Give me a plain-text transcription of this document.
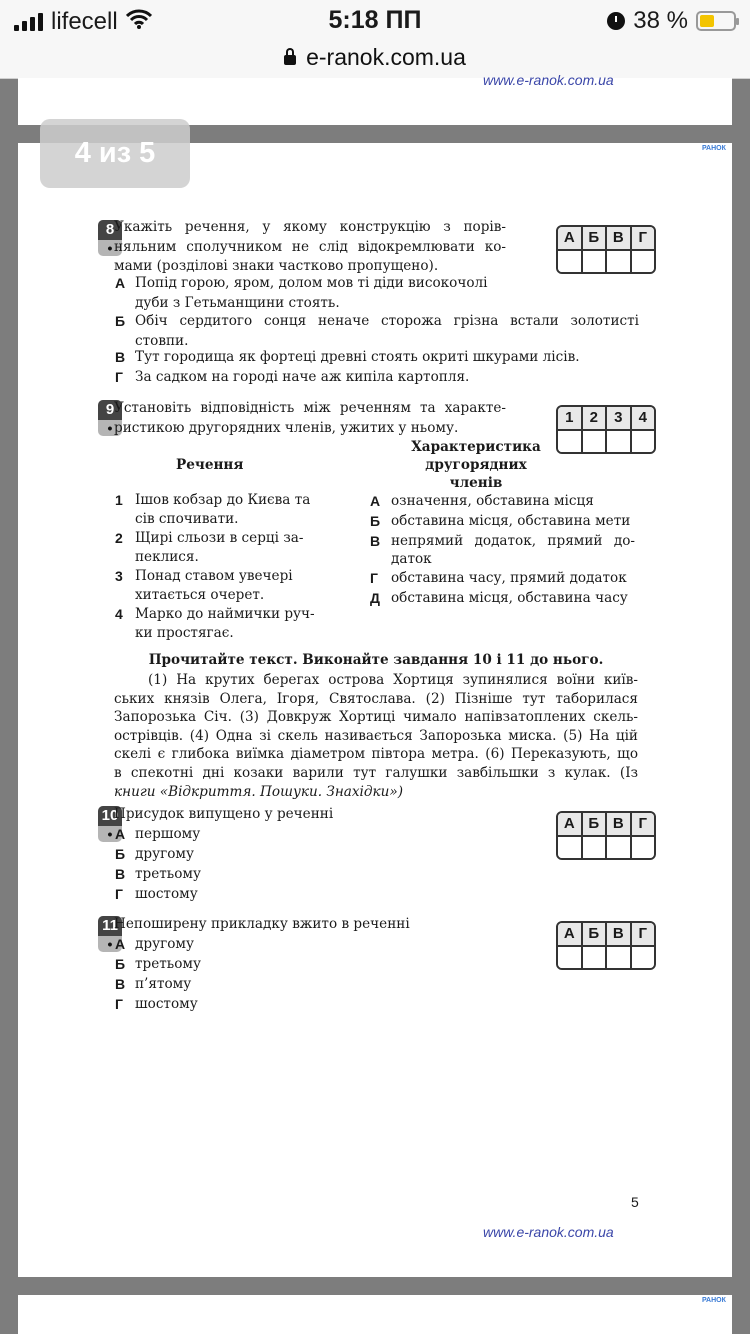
lifecell	5:18 ПП	38 %
e-ranok.com.ua
www.e-ranok.com.ua
РАНОК
8
•
Укажіть речення, у якому конструкцію з порів-
няльним сполучником не слід відокремлювати ко-
мами (розділові знаки частково пропущено).
А Б В Г
А Попід горою, яром, долом мов ті діди високочолі
дуби з Гетьманщини стоять.
Б Обіч сердитого сонця неначе сторожа грізна встали золотисті
стовпи.
В Тут городища як фортеці древні стоять окриті шкурами лісів.
Г За садком на городі наче аж кипіла картопля.
9
•
Установіть відповідність між реченням та характе-
ристикою другорядних членів, ужитих у ньому.
1	2	3	4
Речення
Характеристика
другорядних
членів
1 Ішов кобзар до Києва та
сів спочивати.
2 Щирі сльози в серці за-
пеклися.
3 Понад ставом увечері
хитається очерет.
4 Марко до наймички руч-
ки простягає.
А означення, обставина місця
Б обставина місця, обставина мети
В непрямий додаток, прямий до-
даток
Г обставина часу, прямий додаток
Д обставина місця, обставина часу
Прочитайте текст. Виконайте завдання 10 і 11 до нього.
(1) На крутих берегах острова Хортиця зупинялися воїни київ-
ських князів Олега, Ігоря, Святослава. (2) Пізніше тут таборилася
Запорозька Січ. (3) Довкруж Хортиці чимало напівзатоплених скель-
острівців. (4) Одна зі скель називається Запорозька миска. (5) На цій
скелі є глибока виїмка діаметром півтора метра. (6) Переказують, що
в спекотні дні козаки варили тут галушки завбільшки з кулак. (Із
книги «Відкриття. Пошуки. Знахідки»)
10
•
Присудок випущено у реченні
А Б В Г
А першому
Б другому
В третьому
Г шостому
11
•
Непоширену прикладку вжито в реченні
А Б В Г
А другому
Б третьому
В п’ятому
Г шостому
5
www.e-ranok.com.ua
РАНОК
4 из 5
